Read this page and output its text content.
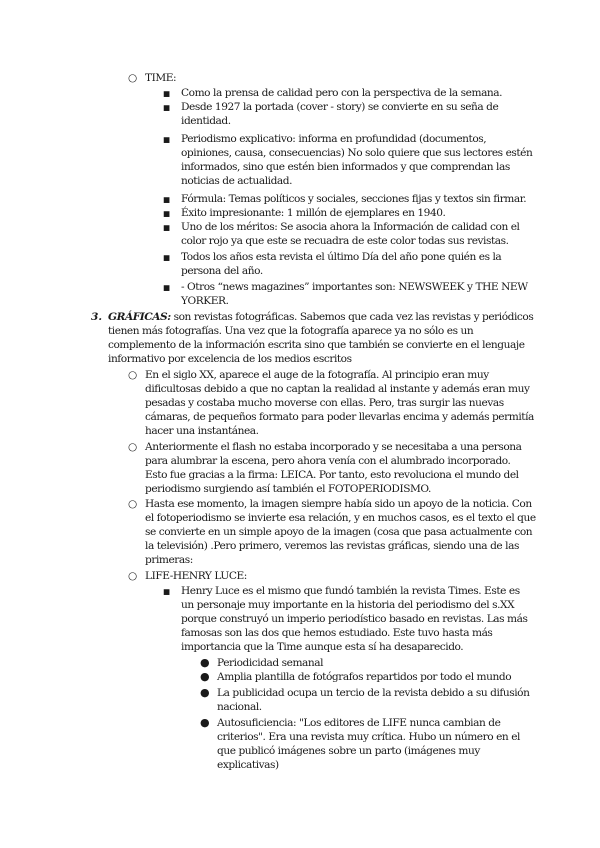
○ TIME:
■ Como la prensa de calidad pero con la perspectiva de la semana.
■ Desde 1927 la portada (cover - story) se convierte en su seña de
identidad.
■ Periodismo explicativo: informa en profundidad (documentos,
opiniones, causa, consecuencias) No solo quiere que sus lectores estén
informados, sino que estén bien informados y que comprendan las
noticias de actualidad.
■ Fórmula: Temas políticos y sociales, secciones fijas y textos sin firmar.
■ Éxito impresionante: 1 millón de ejemplares en 1940.
■ Uno de los méritos: Se asocia ahora la Información de calidad con el
color rojo ya que este se recuadra de este color todas sus revistas.
■ Todos los años esta revista el último Día del año pone quién es la
persona del año.
■ - Otros “news magazines” importantes son: NEWSWEEK y THE NEW
YORKER.
3. GRÁFICAS: son revistas fotográficas. Sabemos que cada vez las revistas y periódicos
tienen más fotografías. Una vez que la fotografía aparece ya no sólo es un
complemento de la información escrita sino que también se convierte en el lenguaje
informativo por excelencia de los medios escritos
○ En el siglo XX, aparece el auge de la fotografía. Al principio eran muy
dificultosas debido a que no captan la realidad al instante y además eran muy
pesadas y costaba mucho moverse con ellas. Pero, tras surgir las nuevas
cámaras, de pequeños formato para poder llevarlas encima y además permitía
hacer una instantánea.
○ Anteriormente el flash no estaba incorporado y se necesitaba a una persona
para alumbrar la escena, pero ahora venía con el alumbrado incorporado.
Esto fue gracias a la firma: LEICA. Por tanto, esto revoluciona el mundo del
periodismo surgiendo así también el FOTOPERIODISMO.
○ Hasta ese momento, la imagen siempre había sido un apoyo de la noticia. Con
el fotoperiodismo se invierte esa relación, y en muchos casos, es el texto el que
se convierte en un simple apoyo de la imagen (cosa que pasa actualmente con
la televisión) .Pero primero, veremos las revistas gráficas, siendo una de las
primeras:
○ LIFE-HENRY LUCE:
■ Henry Luce es el mismo que fundó también la revista Times. Este es
un personaje muy importante en la historia del periodismo del s.XX
porque construyó un imperio periodístico basado en revistas. Las más
famosas son las dos que hemos estudiado. Este tuvo hasta más
importancia que la Time aunque esta sí ha desaparecido.
● Periodicidad semanal
● Amplia plantilla de fotógrafos repartidos por todo el mundo
● La publicidad ocupa un tercio de la revista debido a su difusión
nacional.
● Autosuficiencia: "Los editores de LIFE nunca cambian de
criterios". Era una revista muy crítica. Hubo un número en el
que publicó imágenes sobre un parto (imágenes muy
explicativas)
